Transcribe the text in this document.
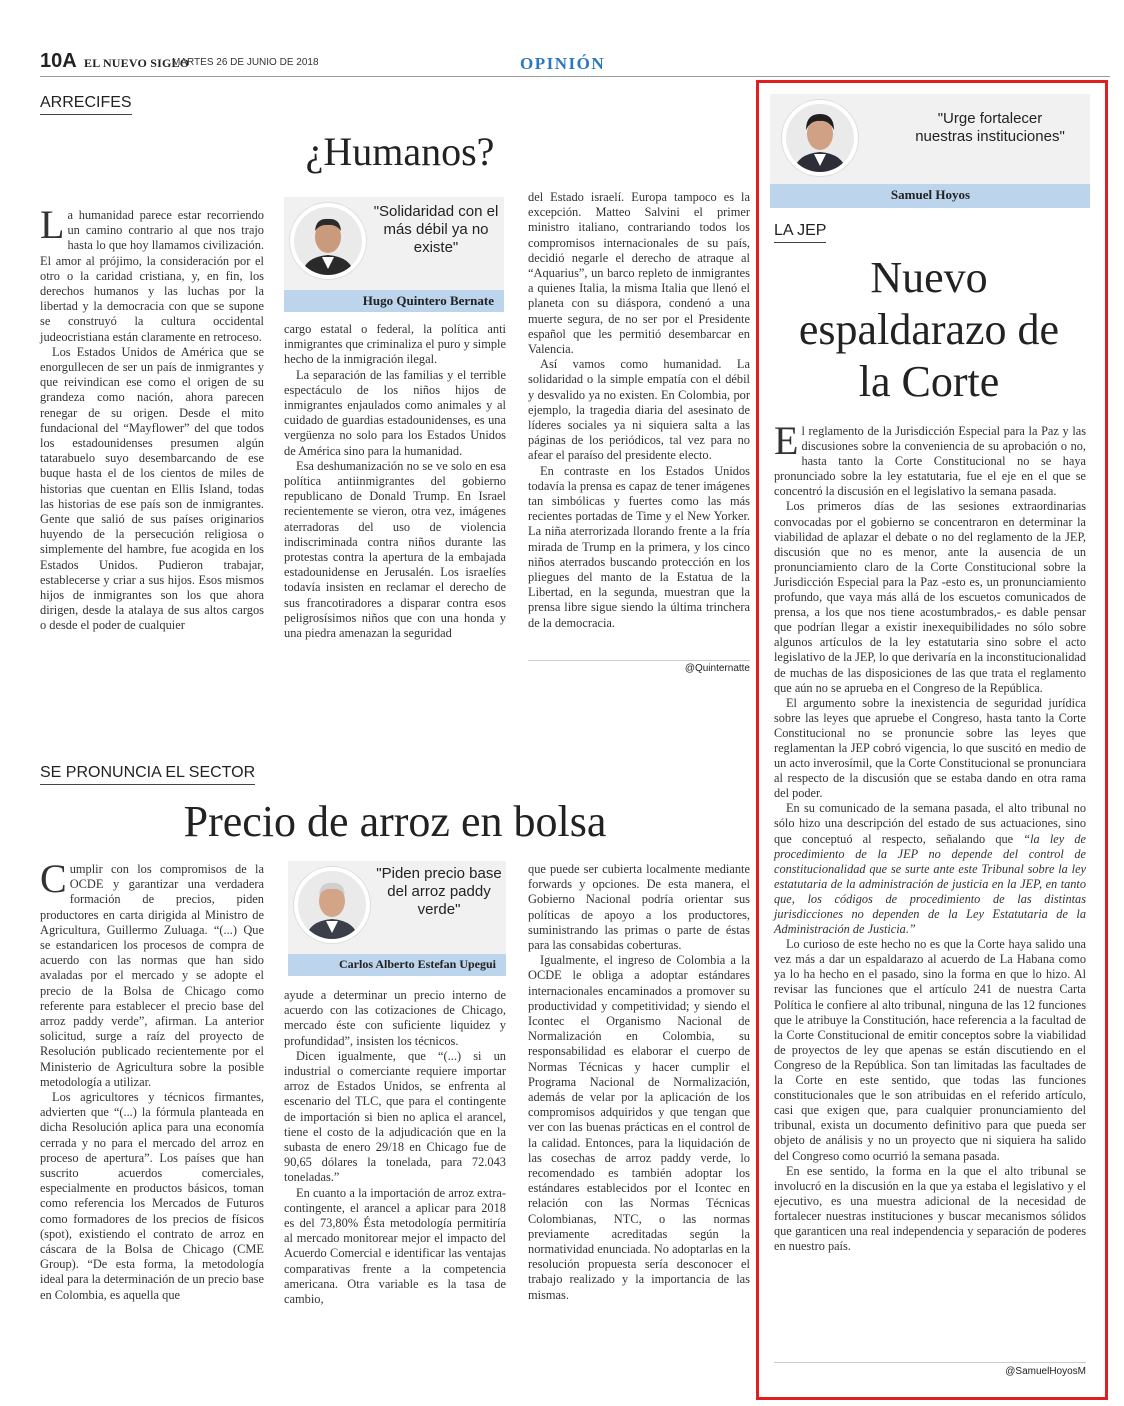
10A EL NUEVO SIGLO
MARTES 26 DE JUNIO DE 2018	OPINIÓN
ARRECIFES
¿Humanos?
"Solidaridad con el más débil ya no existe"
Hugo Quintero Bernate

La humanidad parece estar recorriendo un camino contrario al que nos trajo hasta lo que hoy llamamos civilización. El amor al prójimo, la consideración por el otro o la caridad cristiana, y, en fin, los derechos humanos y las luchas por la libertad y la democracia con que se supone se construyó la cultura occidental judeocristiana están claramente en retroceso.

Los Estados Unidos de América que se enorgullecen de ser un país de inmigrantes y que reivindican ese como el origen de su grandeza como nación, ahora parecen renegar de su origen. Desde el mito fundacional del “Mayflower” del que todos los estadounidenses presumen algún tatarabuelo suyo desembarcando de ese buque hasta el de los cientos de miles de historias que cuentan en Ellis Island, todas las historias de ese país son de inmigrantes. Gente que salió de sus países originarios huyendo de la persecución religiosa o simplemente del hambre, fue acogida en los Estados Unidos. Pudieron trabajar, establecerse y criar a sus hijos. Esos mismos hijos de inmigrantes son los que ahora dirigen, desde la atalaya de sus altos cargos o desde el poder de cualquier

cargo estatal o federal, la política anti inmigrantes que criminaliza el puro y simple hecho de la inmigración ilegal.

La separación de las familias y el terrible espectáculo de los niños hijos de inmigrantes enjaulados como animales y al cuidado de guardias estadounidenses, es una vergüenza no solo para los Estados Unidos de América sino para la humanidad.

Esa deshumanización no se ve solo en esa política antiinmigrantes del gobierno republicano de Donald Trump. En Israel recientemente se vieron, otra vez, imágenes aterradoras del uso de violencia indiscriminada contra niños durante las protestas contra la apertura de la embajada estadounidense en Jerusalén. Los israelíes todavía insisten en reclamar el derecho de sus francotiradores a disparar contra esos peligrosísimos niños que con una honda y una piedra amenazan la seguridad

del Estado israelí. Europa tampoco es la excepción. Matteo Salvini el primer ministro italiano, contrariando todos los compromisos internacionales de su país, decidió negarle el derecho de atraque al “Aquarius”, un barco repleto de inmigrantes a quienes Italia, la misma Italia que llenó el planeta con su diáspora, condenó a una muerte segura, de no ser por el Presidente español que les permitió desembarcar en Valencia.

Así vamos como humanidad. La solidaridad o la simple empatía con el débil y desvalido ya no existen. En Colombia, por ejemplo, la tragedia diaria del asesinato de líderes sociales ya ni siquiera salta a las páginas de los periódicos, tal vez para no afear el paraíso del presidente electo.

En contraste en los Estados Unidos todavía la prensa es capaz de tener imágenes tan simbólicas y fuertes como las más recientes portadas de Time y el New Yorker. La niña aterrorizada llorando frente a la fría mirada de Trump en la primera, y los cinco niños aterrados buscando protección en los pliegues del manto de la Estatua de la Libertad, en la segunda, muestran que la prensa libre sigue siendo la última trinchera de la democracia.

@Quinternatte
SE PRONUNCIA EL SECTOR
Precio de arroz en bolsa
"Piden precio base del arroz paddy verde"
Carlos Alberto Estefan Upegui

Cumplir con los compromisos de la OCDE y garantizar una verdadera formación de precios, piden productores en carta dirigida al Ministro de Agricultura, Guillermo Zuluaga. “(...) Que se estandaricen los procesos de compra de acuerdo con las normas que han sido avaladas por el mercado y se adopte el precio de la Bolsa de Chicago como referente para establecer el precio base del arroz paddy verde”, afirman. La anterior solicitud, surge a raíz del proyecto de Resolución publicado recientemente por el Ministerio de Agricultura sobre la posible metodología a utilizar.

Los agricultores y técnicos firmantes, advierten que “(...) la fórmula planteada en dicha Resolución aplica para una economía cerrada y no para el mercado del arroz en proceso de apertura”. Los países que han suscrito acuerdos comerciales, especialmente en productos básicos, toman como referencia los Mercados de Futuros como formadores de los precios de físicos (spot), existiendo el contrato de arroz en cáscara de la Bolsa de Chicago (CME Group). “De esta forma, la metodología ideal para la determinación de un precio base en Colombia, es aquella que

ayude a determinar un precio interno de acuerdo con las cotizaciones de Chicago, mercado éste con suficiente liquidez y profundidad”, insisten los técnicos.

Dicen igualmente, que “(...) si un industrial o comerciante requiere importar arroz de Estados Unidos, se enfrenta al escenario del TLC, que para el contingente de importación si bien no aplica el arancel, tiene el costo de la adjudicación que en la subasta de enero 29/18 en Chicago fue de 90,65 dólares la tonelada, para 72.043 toneladas.”

En cuanto a la importación de arroz extra-contingente, el arancel a aplicar para 2018 es del 73,80% Ésta metodología permitiría al mercado monitorear mejor el impacto del Acuerdo Comercial e identificar las ventajas comparativas frente a la competencia americana. Otra variable es la tasa de cambio,

que puede ser cubierta localmente mediante forwards y opciones. De esta manera, el Gobierno Nacional podría orientar sus políticas de apoyo a los productores, suministrando las primas o parte de éstas para las consabidas coberturas.

Igualmente, el ingreso de Colombia a la OCDE le obliga a adoptar estándares internacionales encaminados a promover su productividad y competitividad; y siendo el Icontec el Organismo Nacional de Normalización en Colombia, su responsabilidad es elaborar el cuerpo de Normas Técnicas y hacer cumplir el Programa Nacional de Normalización, además de velar por la aplicación de los compromisos adquiridos y que tengan que ver con las buenas prácticas en el control de la calidad. Entonces, para la liquidación de las cosechas de arroz paddy verde, lo recomendado es también adoptar los estándares establecidos por el Icontec en relación con las Normas Técnicas Colombianas, NTC, o las normas previamente acreditadas según la normatividad enunciada. No adoptarlas en la resolución propuesta sería desconocer el trabajo realizado y la importancia de las mismas.

"Urge fortalecer nuestras instituciones"
Samuel Hoyos
LA JEP
Nuevo
espaldarazo de
la Corte

El reglamento de la Jurisdicción Especial para la Paz y las discusiones sobre la conveniencia de su aprobación o no, hasta tanto la Corte Constitucional no se haya pronunciado sobre la ley estatutaria, fue el eje en el que se concentró la discusión en el legislativo la semana pasada.

Los primeros días de las sesiones extraordinarias convocadas por el gobierno se concentraron en determinar la viabilidad de aplazar el debate o no del reglamento de la JEP, discusión que no es menor, ante la ausencia de un pronunciamiento claro de la Corte Constitucional sobre la Jurisdicción Especial para la Paz -esto es, un pronunciamiento profundo, que vaya más allá de los escuetos comunicados de prensa, a los que nos tiene acostumbrados,- es dable pensar que podrían llegar a existir inexequibilidades no sólo sobre algunos artículos de la ley estatutaria sino sobre el acto legislativo de la JEP, lo que derivaría en la inconstitucionalidad de muchas de las disposiciones de las que trata el reglamento que aún no se aprueba en el Congreso de la República.

El argumento sobre la inexistencia de seguridad jurídica sobre las leyes que apruebe el Congreso, hasta tanto la Corte Constitucional no se pronuncie sobre las leyes que reglamentan la JEP cobró vigencia, lo que suscitó en medio de un acto inverosímil, que la Corte Constitucional se pronunciara al respecto de la discusión que se estaba dando en otra rama del poder.

En su comunicado de la semana pasada, el alto tribunal no sólo hizo una descripción del estado de sus actuaciones, sino que conceptuó al respecto, señalando que “la ley de procedimiento de la JEP no depende del control de constitucionalidad que se surte ante este Tribunal sobre la ley estatutaria de la administración de justicia en la JEP, en tanto que, los códigos de procedimiento de las distintas jurisdicciones no dependen de la Ley Estatutaria de la Administración de Justicia.”

Lo curioso de este hecho no es que la Corte haya salido una vez más a dar un espaldarazo al acuerdo de La Habana como ya lo ha hecho en el pasado, sino la forma en que lo hizo. Al revisar las funciones que el artículo 241 de nuestra Carta Política le confiere al alto tribunal, ninguna de las 12 funciones que le atribuye la Constitución, hace referencia a la facultad de la Corte Constitucional de emitir conceptos sobre la viabilidad de proyectos de ley que apenas se están discutiendo en el Congreso de la República. Son tan limitadas las facultades de la Corte en este sentido, que todas las funciones constitucionales que le son atribuidas en el referido artículo, casi que exigen que, para cualquier pronunciamiento del tribunal, exista un documento definitivo para que pueda ser objeto de análisis y no un proyecto que ni siquiera ha salido del Congreso como ocurrió la semana pasada.

En ese sentido, la forma en la que el alto tribunal se involucró en la discusión en la que ya estaba el legislativo y el ejecutivo, es una muestra adicional de la necesidad de fortalecer nuestras instituciones y buscar mecanismos sólidos que garanticen una real independencia y separación de poderes en nuestro país.

@SamuelHoyosM
